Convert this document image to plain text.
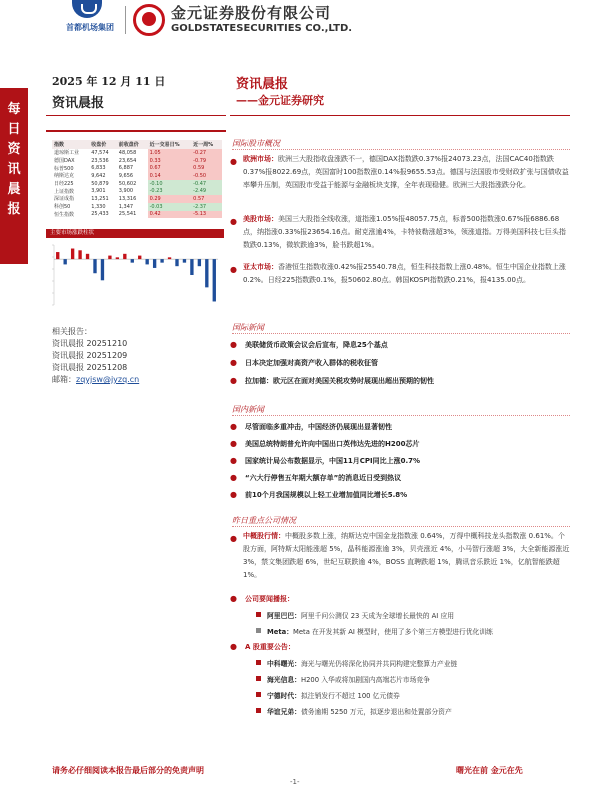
首都机场集团
金元证券股份有限公司
GOLDSTATESECURITIES CO.,LTD.
每
日
资
讯
晨
报
2025 年 12 月 11 日
资讯晨报
指数	收盘价	前收盘价	近一交易日%	近一周%
道琼斯工业	47,574	48,058	1.05	-0.27
德国DAX	23,536	23,654	0.33	-0.79
标普500	6,833	6,887	0.67	0.59
纳斯达克	9,642	9,656	0.14	-0.50
日经225	50,879	50,602	-0.10	-0.47
上证指数	3,901	3,900	-0.23	-2.49
深证成指	13,251	13,316	0.29	0.57
科创50	1,330	1,347	-0.03	-2.37
恒生指数	25,433	25,541	0.42	-5.13
主要市场涨跌柱状
相关报告：
资讯晨报 20251210
资讯晨报 20251209
资讯晨报 20251208
邮箱：zqyjsw@jyzq.cn
资讯晨报
——金元证券研究
国际股市概况
● 欧洲市场：欧洲三大股指收盘涨跌不一，德国DAX指数跌0.37%报24073.23点，法国CAC40指数跌0.37%报8022.69点，英国富时100指数涨0.14%报9655.53点。德国与法国股市受财政扩张与国债收益率攀升压制，英国股市受益于能源与金融板块支撑，全年表现稳健。欧洲三大股指涨跌分化。
● 美股市场：美国三大股指全线收涨，道指涨1.05%报48057.75点，标普500指数涨0.67%报6886.68点，纳指涨0.33%报23654.16点。耐克涨逾4%，卡特彼勒涨超3%，领涨道指。万得美国科技七巨头指数跌0.13%，微软跌逾3%，脸书跌超1%。
● 亚太市场：香港恒生指数收涨0.42%报25540.78点，恒生科技指数上涨0.48%。恒生中国企业指数上涨0.2%。日经225指数跌0.1%，报50602.80点。韩国KOSPI指数跌0.21%，报4135.00点。
国际新闻
● 美联储货币政策会议会后宣布，降息25个基点
● 日本决定加强对高资产收入群体的税收征管
● 拉加德：欧元区在面对美国关税攻势时展现出超出预期的韧性
国内新闻
● 尽管面临多重冲击，中国经济仍展现出显著韧性
● 美国总统特朗普允许向中国出口英伟达先进的H200芯片
● 国家统计局公布数据显示，中国11月CPI同比上涨0.7%
● “六大行停售五年期大额存单”的消息近日受到热议
● 前10个月我国规模以上轻工业增加值同比增长5.8%
昨日重点公司情况
● 中概股行情：中概股多数上涨，纳斯达克中国金龙指数涨 0.64%，万得中概科技龙头指数涨 0.61%。个股方面，阿特斯太阳能涨超 5%，晶科能源涨逾 3%，贝壳涨近 4%，小马智行涨超 3%，大全新能源涨近 3%，禁文集团跌超 6%，世纪互联跌逾 4%，BOSS 直聘跌超 1%，腾讯音乐跌近 1%，亿航智能跌超 1%。
● 公司要闻播报：
阿里巴巴：阿里千问公测仅 23 天成为全球增长最快的 AI 应用
Meta：Meta 在开发其新 AI 模型时，使用了多个第三方模型进行优化训练
● A 股重要公告：
中科曙光：海光与曙光仍将深化协同并共同构建完整算力产业链
海光信息：H200 入华或将加剧国内高端芯片市场竞争
宁德时代：拟注销发行不超过 100 亿元债券
华谊兄弟：债务逾期 5250 万元，拟逐步退出和处置部分资产
请务必仔细阅读本报告最后部分的免责声明
-1-
曙光在前 金元在先
